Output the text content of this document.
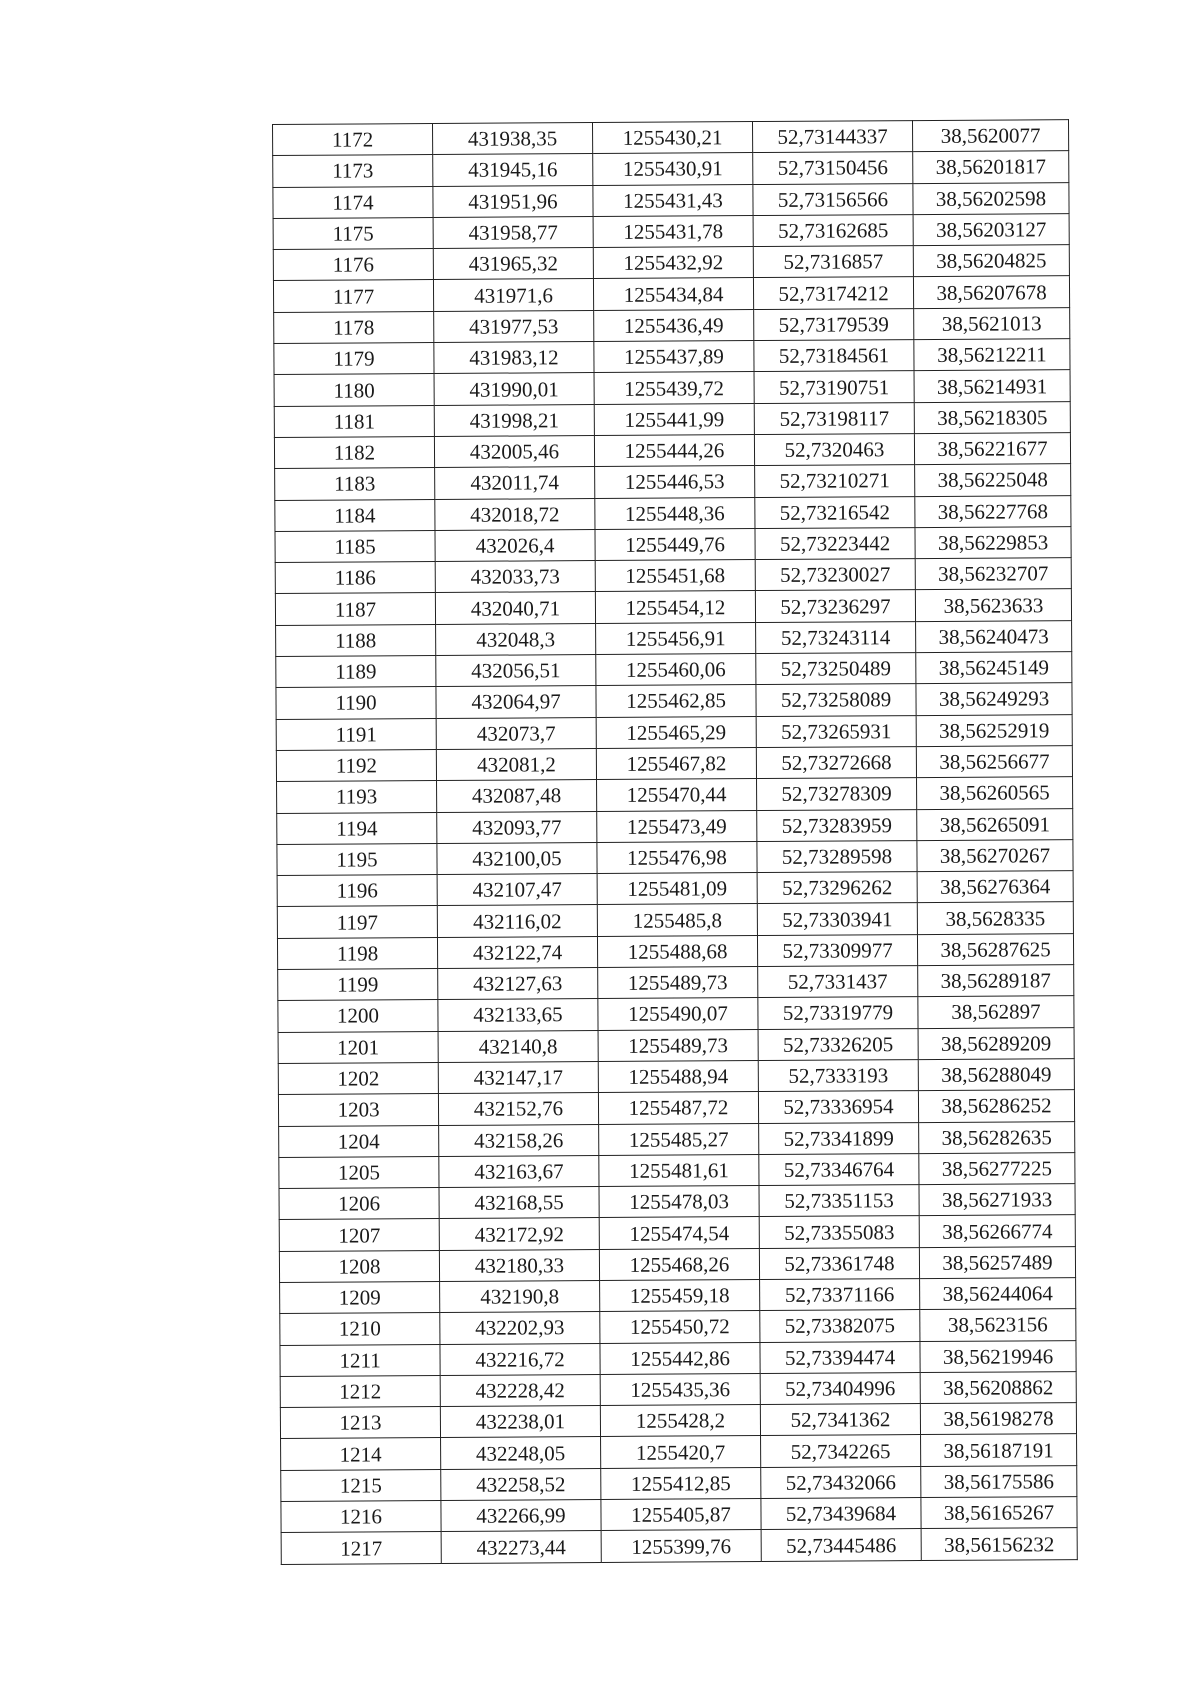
1172	431938,35	1255430,21	52,73144337	38,5620077
1173	431945,16	1255430,91	52,73150456	38,56201817
1174	431951,96	1255431,43	52,73156566	38,56202598
1175	431958,77	1255431,78	52,73162685	38,56203127
1176	431965,32	1255432,92	52,7316857	38,56204825
1177	431971,6	1255434,84	52,73174212	38,56207678
1178	431977,53	1255436,49	52,73179539	38,5621013
1179	431983,12	1255437,89	52,73184561	38,56212211
1180	431990,01	1255439,72	52,73190751	38,56214931
1181	431998,21	1255441,99	52,73198117	38,56218305
1182	432005,46	1255444,26	52,7320463	38,56221677
1183	432011,74	1255446,53	52,73210271	38,56225048
1184	432018,72	1255448,36	52,73216542	38,56227768
1185	432026,4	1255449,76	52,73223442	38,56229853
1186	432033,73	1255451,68	52,73230027	38,56232707
1187	432040,71	1255454,12	52,73236297	38,5623633
1188	432048,3	1255456,91	52,73243114	38,56240473
1189	432056,51	1255460,06	52,73250489	38,56245149
1190	432064,97	1255462,85	52,73258089	38,56249293
1191	432073,7	1255465,29	52,73265931	38,56252919
1192	432081,2	1255467,82	52,73272668	38,56256677
1193	432087,48	1255470,44	52,73278309	38,56260565
1194	432093,77	1255473,49	52,73283959	38,56265091
1195	432100,05	1255476,98	52,73289598	38,56270267
1196	432107,47	1255481,09	52,73296262	38,56276364
1197	432116,02	1255485,8	52,73303941	38,5628335
1198	432122,74	1255488,68	52,73309977	38,56287625
1199	432127,63	1255489,73	52,7331437	38,56289187
1200	432133,65	1255490,07	52,73319779	38,562897
1201	432140,8	1255489,73	52,73326205	38,56289209
1202	432147,17	1255488,94	52,7333193	38,56288049
1203	432152,76	1255487,72	52,73336954	38,56286252
1204	432158,26	1255485,27	52,73341899	38,56282635
1205	432163,67	1255481,61	52,73346764	38,56277225
1206	432168,55	1255478,03	52,73351153	38,56271933
1207	432172,92	1255474,54	52,73355083	38,56266774
1208	432180,33	1255468,26	52,73361748	38,56257489
1209	432190,8	1255459,18	52,73371166	38,56244064
1210	432202,93	1255450,72	52,73382075	38,5623156
1211	432216,72	1255442,86	52,73394474	38,56219946
1212	432228,42	1255435,36	52,73404996	38,56208862
1213	432238,01	1255428,2	52,7341362	38,56198278
1214	432248,05	1255420,7	52,7342265	38,56187191
1215	432258,52	1255412,85	52,73432066	38,56175586
1216	432266,99	1255405,87	52,73439684	38,56165267
1217	432273,44	1255399,76	52,73445486	38,56156232
